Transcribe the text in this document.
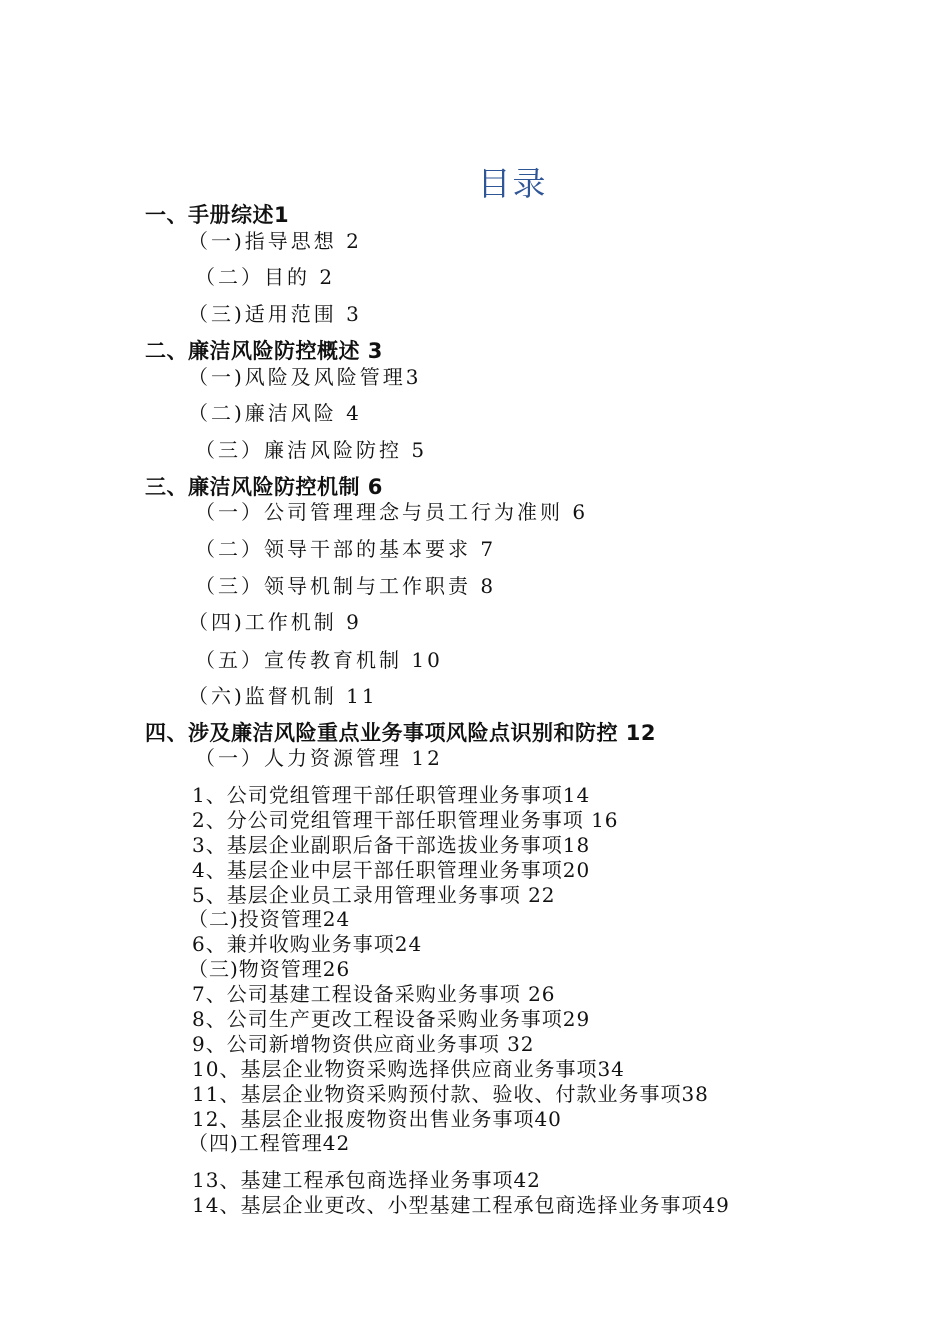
目录
一、手册综述1
（一)指导思想 2
（二）目的 2
（三)适用范围 3
二、廉洁风险防控概述 3
（一)风险及风险管理3
（二)廉洁风险 4
（三）廉洁风险防控 5
三、廉洁风险防控机制 6
（一）公司管理理念与员工行为准则 6
（二）领导干部的基本要求 7
（三）领导机制与工作职责 8
（四)工作机制 9
（五）宣传教育机制 10
（六)监督机制 11
四、涉及廉洁风险重点业务事项风险点识别和防控 12
（一）人力资源管理 12
1、公司党组管理干部任职管理业务事项14
2、分公司党组管理干部任职管理业务事项 16
3、基层企业副职后备干部选拔业务事项18
4、基层企业中层干部任职管理业务事项20
5、基层企业员工录用管理业务事项 22
（二)投资管理24
6、兼并收购业务事项24
（三)物资管理26
7、公司基建工程设备采购业务事项 26
8、公司生产更改工程设备采购业务事项29
9、公司新增物资供应商业务事项 32
10、基层企业物资采购选择供应商业务事项34
11、基层企业物资采购预付款、验收、付款业务事项38
12、基层企业报废物资出售业务事项40
（四)工程管理42
13、基建工程承包商选择业务事项42
14、基层企业更改、小型基建工程承包商选择业务事项49
